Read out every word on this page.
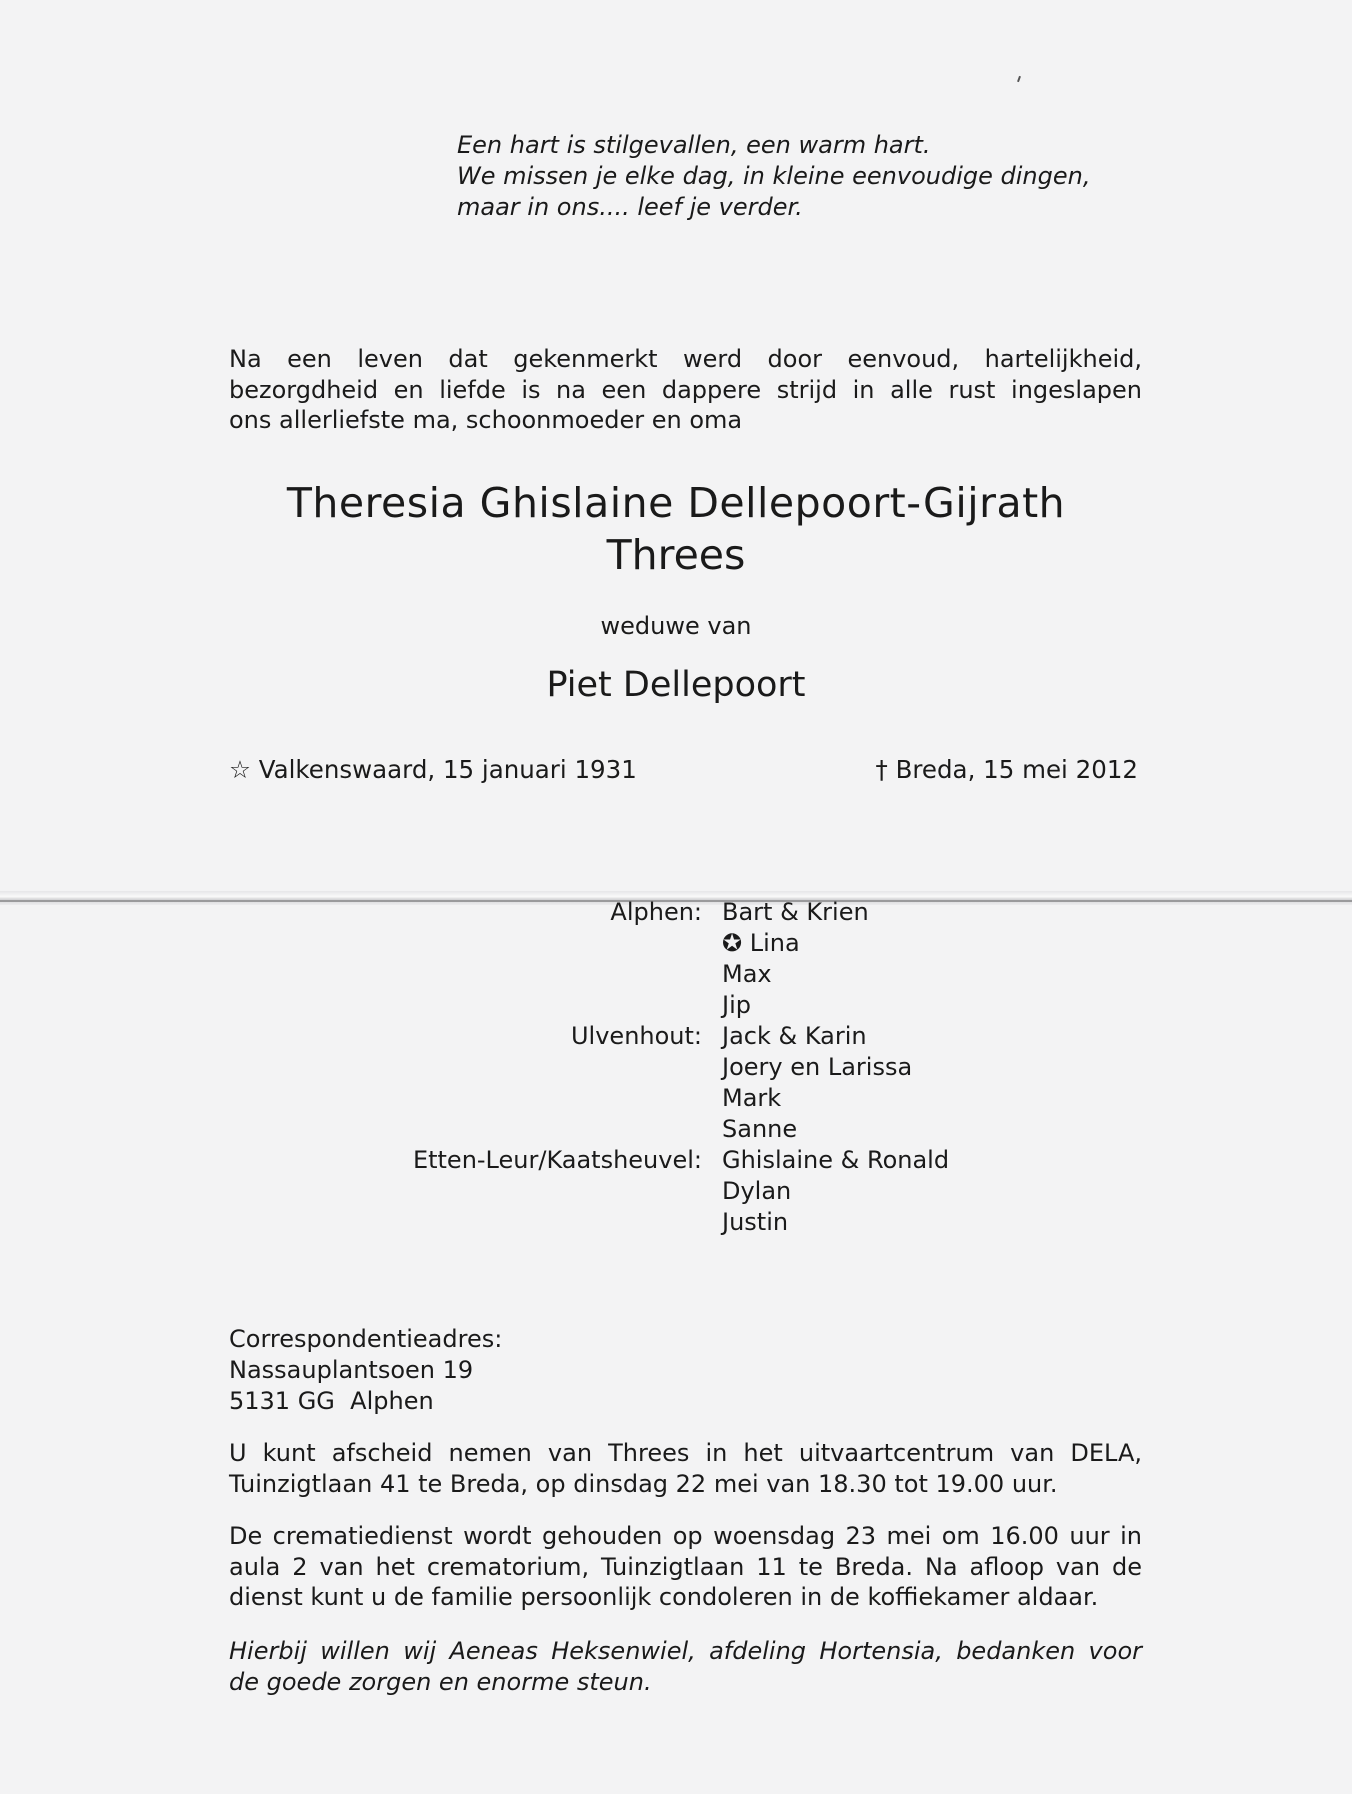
Een hart is stilgevallen, een warm hart.
We missen je elke dag, in kleine eenvoudige dingen,
maar in ons.... leef je verder.
Na een leven dat gekenmerkt werd door eenvoud, hartelijkheid,
bezorgdheid en liefde is na een dappere strijd in alle rust ingeslapen
ons allerliefste ma, schoonmoeder en oma
Theresia Ghislaine Dellepoort-Gijrath
Threes
weduwe van
Piet Dellepoort
☆ Valkenswaard, 15 januari 1931	† Breda, 15 mei 2012
Alphen: Bart & Krien
✪ Lina
Max
Jip
Ulvenhout: Jack & Karin
Joery en Larissa
Mark
Sanne
Etten-Leur/Kaatsheuvel: Ghislaine & Ronald
Dylan
Justin
Correspondentieadres:
Nassauplantsoen 19
5131 GG  Alphen
U kunt afscheid nemen van Threes in het uitvaartcentrum van DELA,
Tuinzigtlaan 41 te Breda, op dinsdag 22 mei van 18.30 tot 19.00 uur.
De crematiedienst wordt gehouden op woensdag 23 mei om 16.00 uur in
aula 2 van het crematorium, Tuinzigtlaan 11 te Breda. Na afloop van de
dienst kunt u de familie persoonlijk condoleren in de koffiekamer aldaar.
Hierbij willen wij Aeneas Heksenwiel, afdeling Hortensia, bedanken voor
de goede zorgen en enorme steun.
